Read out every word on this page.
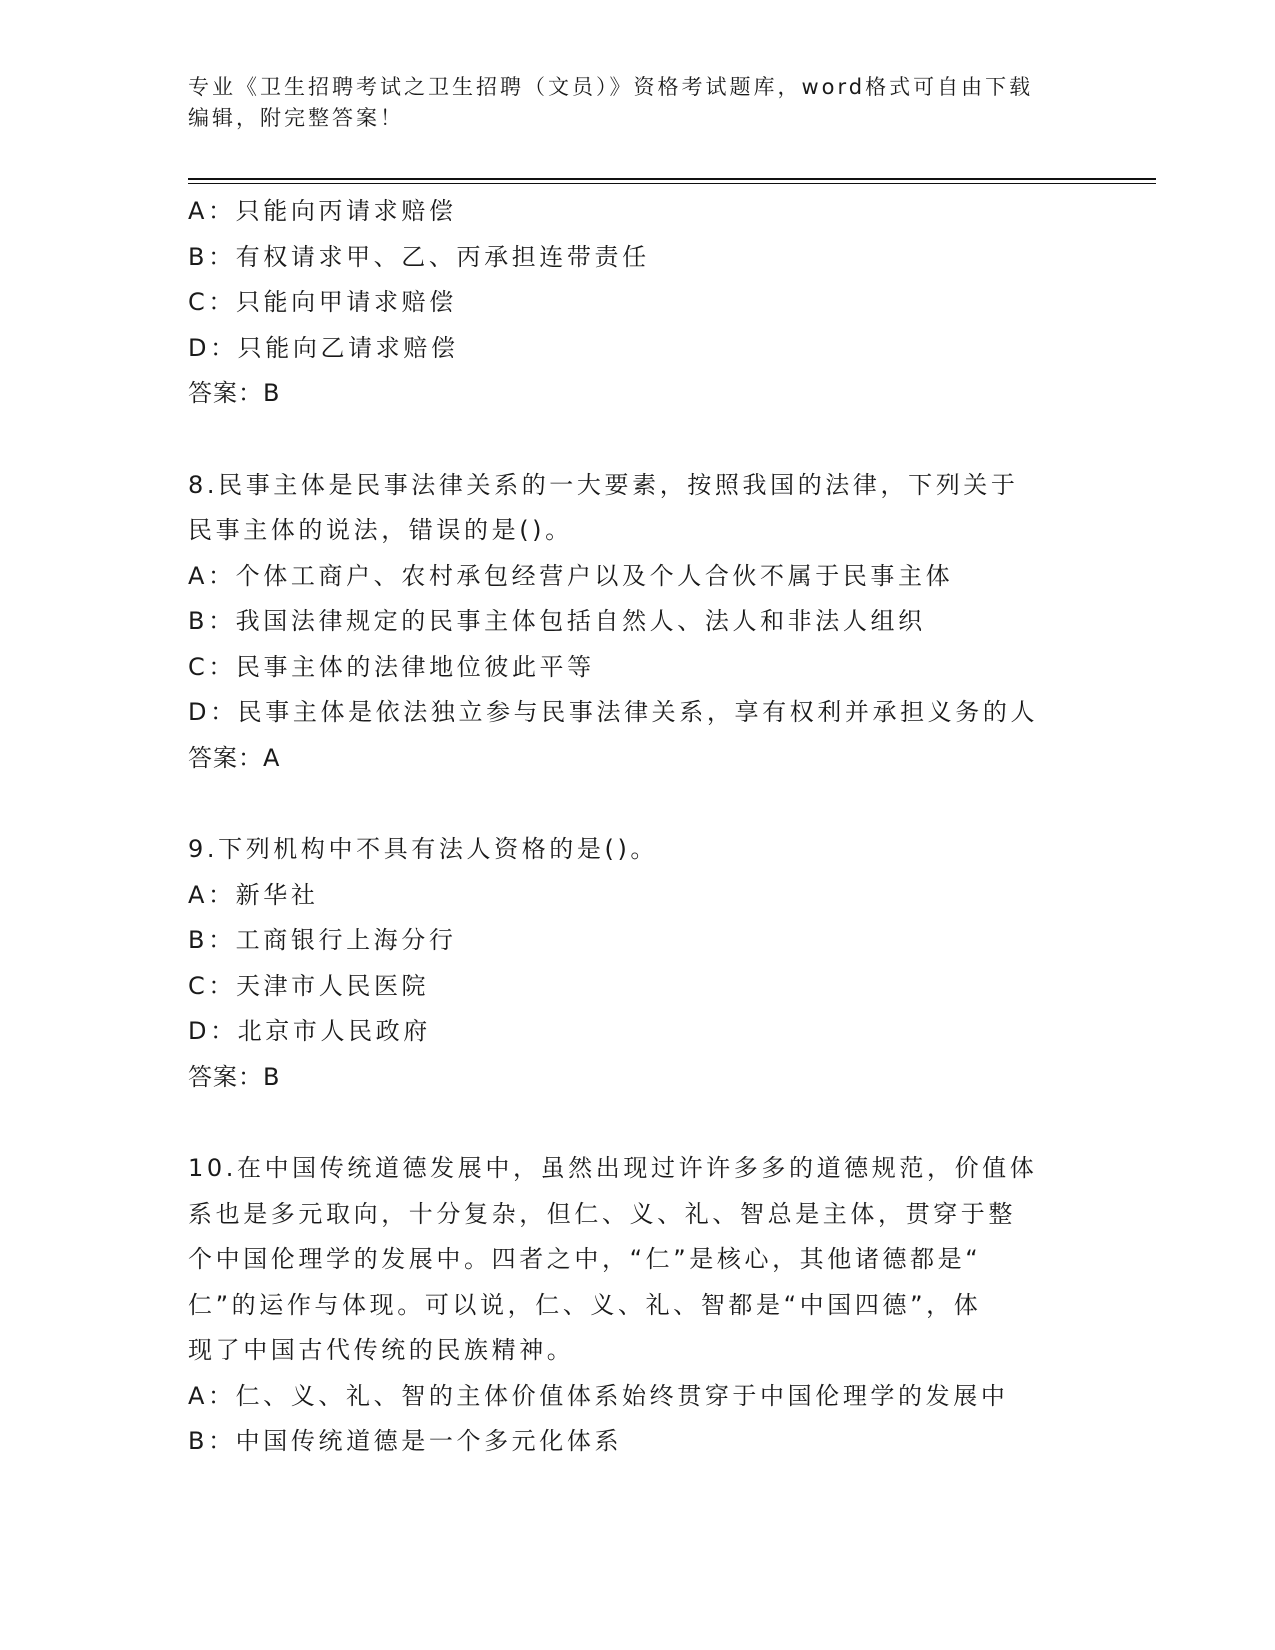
专业《卫生招聘考试之卫生招聘（文员）》资格考试题库，word格式可自由下载
编辑，附完整答案！
A：只能向丙请求赔偿
B：有权请求甲、乙、丙承担连带责任
C：只能向甲请求赔偿
D：只能向乙请求赔偿
答案：B
8.民事主体是民事法律关系的一大要素，按照我国的法律，下列关于
民事主体的说法，错误的是()。
A：个体工商户、农村承包经营户以及个人合伙不属于民事主体
B：我国法律规定的民事主体包括自然人、法人和非法人组织
C：民事主体的法律地位彼此平等
D：民事主体是依法独立参与民事法律关系，享有权利并承担义务的人
答案：A
9.下列机构中不具有法人资格的是()。
A：新华社
B：工商银行上海分行
C：天津市人民医院
D：北京市人民政府
答案：B
10.在中国传统道德发展中，虽然出现过许许多多的道德规范，价值体
系也是多元取向，十分复杂，但仁、义、礼、智总是主体，贯穿于整
个中国伦理学的发展中。四者之中，“仁”是核心，其他诸德都是“
仁”的运作与体现。可以说，仁、义、礼、智都是“中国四德”，体
现了中国古代传统的民族精神。
A：仁、义、礼、智的主体价值体系始终贯穿于中国伦理学的发展中
B：中国传统道德是一个多元化体系
